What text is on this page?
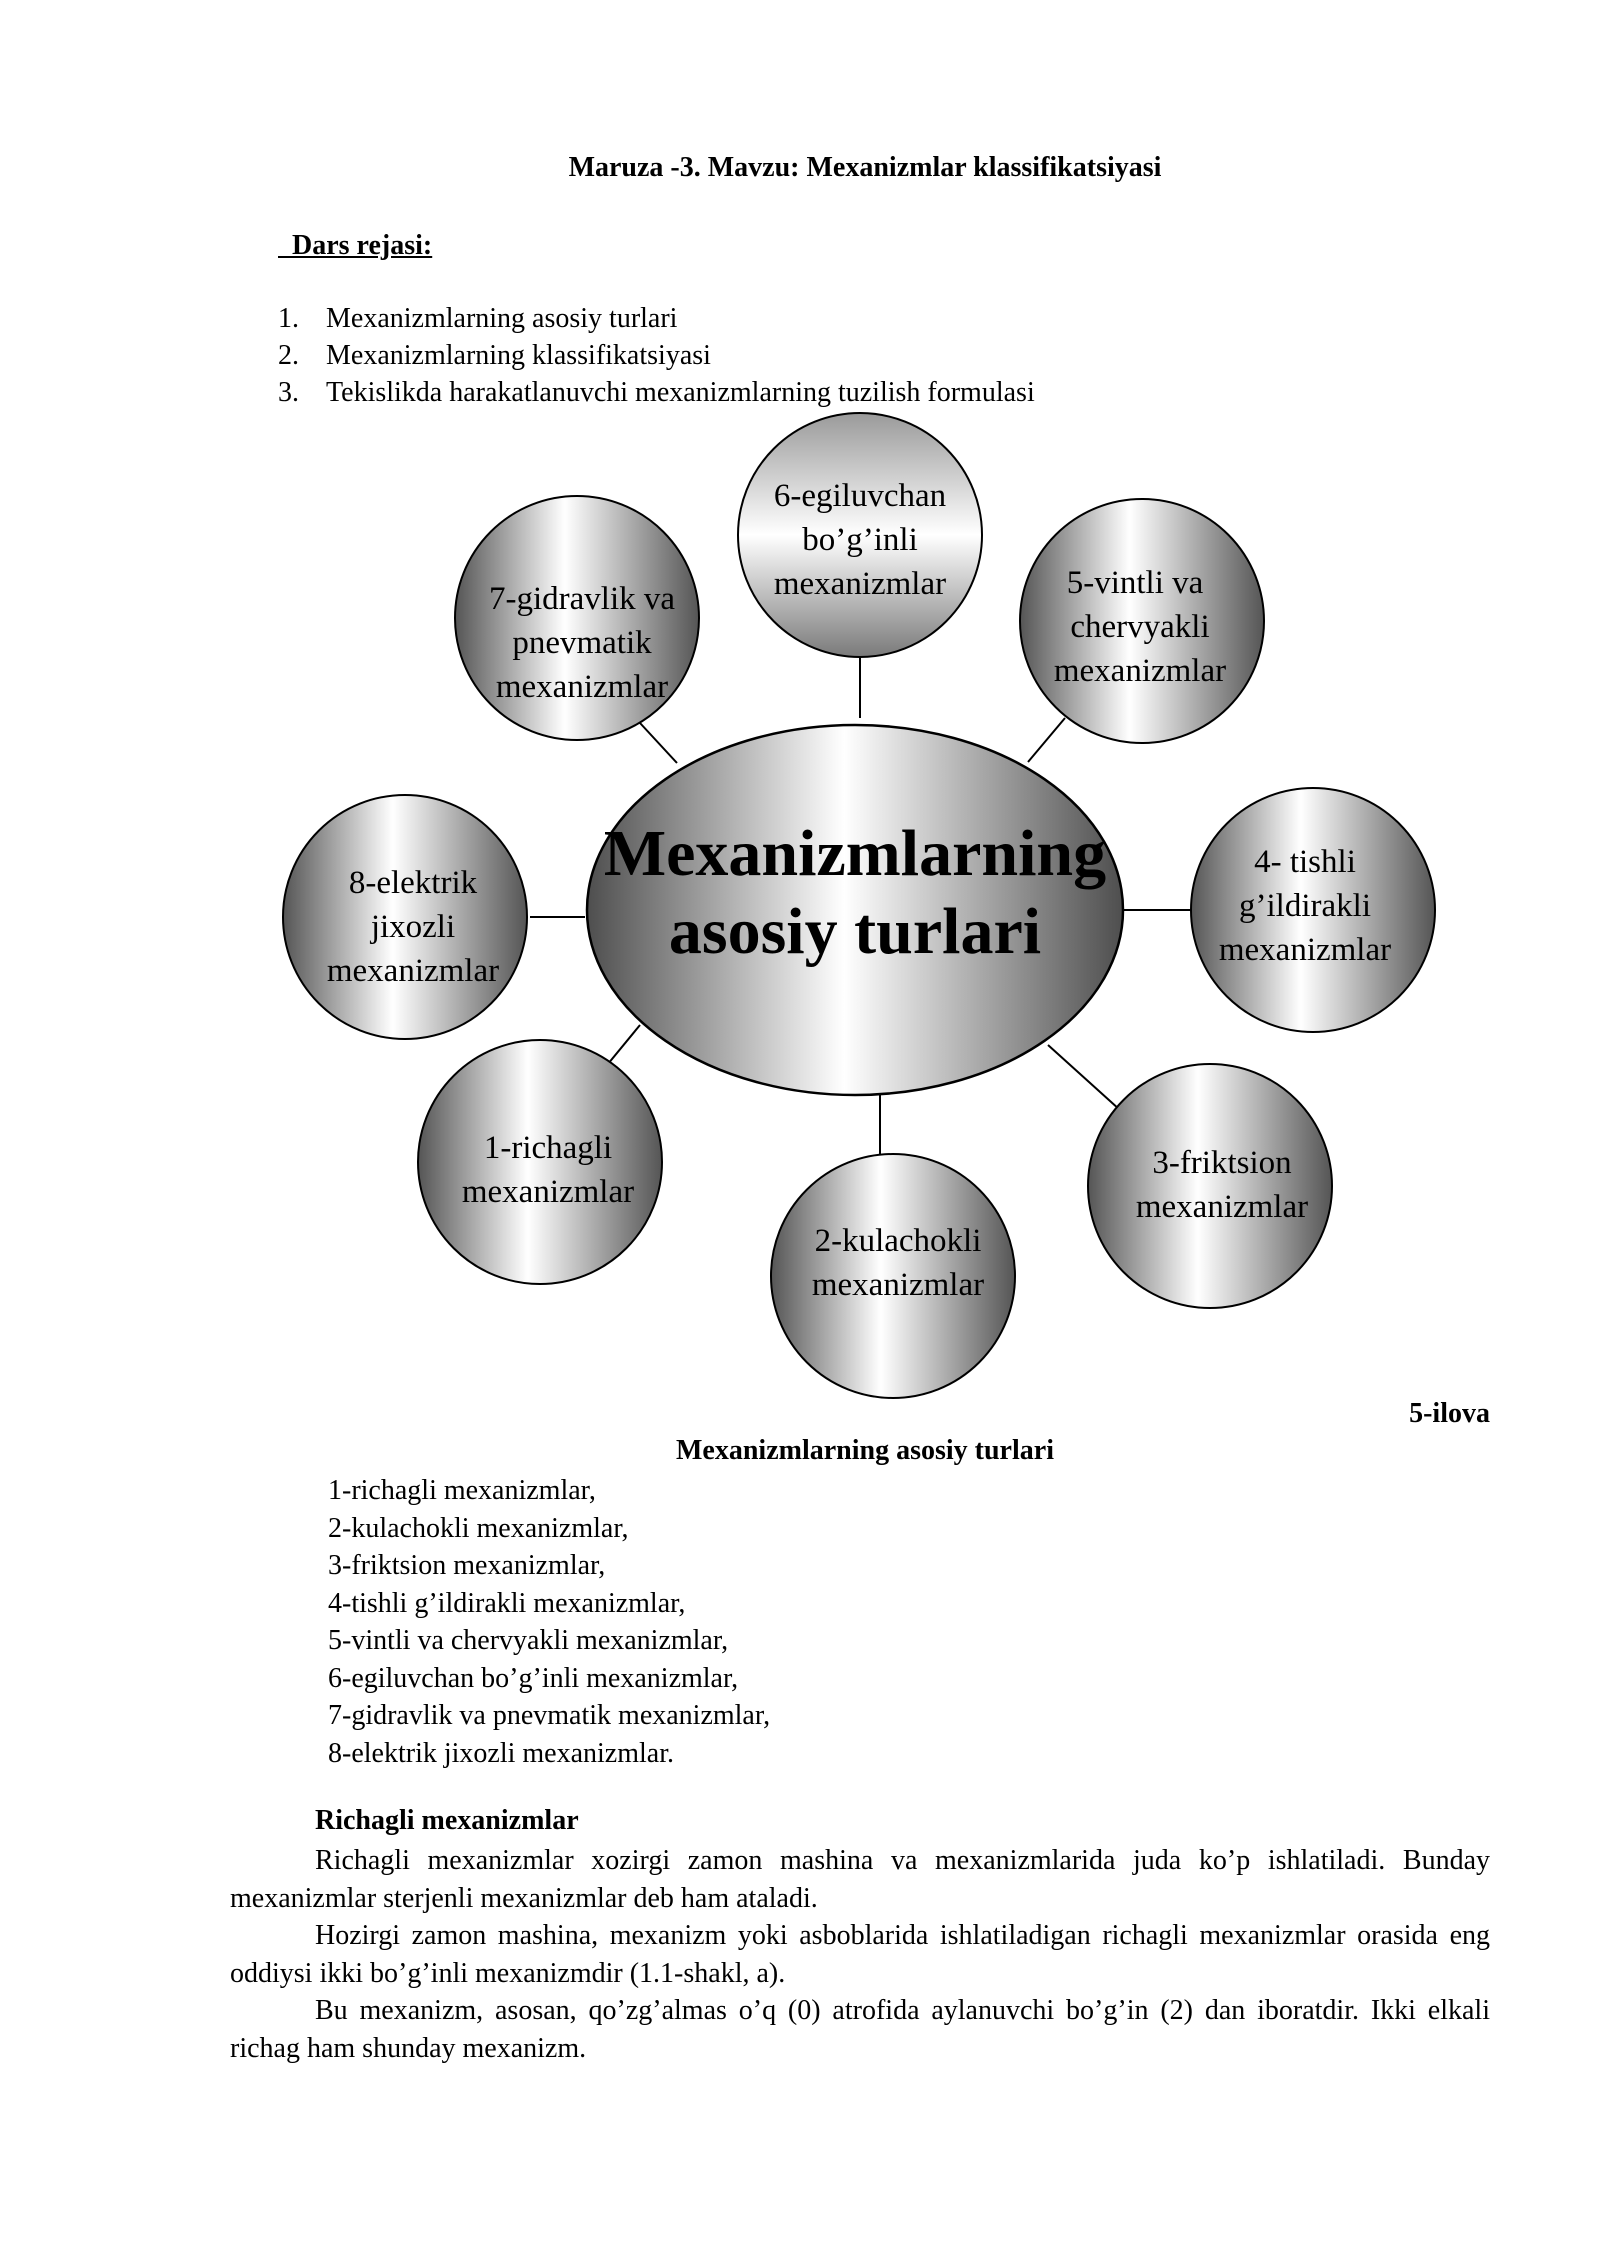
Maruza -3. Mavzu: Mexanizmlar klassifikatsiyasi
Dars rejasi:
1. Mexanizmlarning asosiy turlari
2. Mexanizmlarning klassifikatsiyasi
3. Tekislikda harakatlanuvchi mexanizmlarning tuzilish formulasi
Mexanizmlarning
asosiy turlari
6-egiluvchan
bo’g’inli
mexanizmlar	5-vintli va
chervyakli
mexanizmlar
4- tishli
g’ildirakli
mexanizmlar
3-friktsion
mexanizmlar
2-kulachokli
mexanizmlar
1-richagli
mexanizmlar
8-elektrik
jixozli
mexanizmlar
7-gidravlik va
pnevmatik
mexanizmlar
5-ilova
Mexanizmlarning asosiy turlari
1-richagli mexanizmlar,
2-kulachokli mexanizmlar,
3-friktsion mexanizmlar,
4-tishli g’ildirakli mexanizmlar,
5-vintli va chervyakli mexanizmlar,
6-egiluvchan bo’g’inli mexanizmlar,
7-gidravlik va pnevmatik mexanizmlar,
8-elektrik jixozli mexanizmlar.
Richagli mexanizmlar

Richagli mexanizmlar xozirgi zamon mashina va mexanizmlarida juda ko’p ishlatiladi. Bunday mexanizmlar sterjenli mexanizmlar deb ham ataladi.

Hozirgi zamon mashina, mexanizm yoki asboblarida ishlatiladigan richagli mexanizmlar orasida eng oddiysi ikki bo’g’inli mexanizmdir (1.1-shakl, a).

Bu mexanizm, asosan, qo’zg’almas o’q (0) atrofida aylanuvchi bo’g’in (2) dan iboratdir. Ikki elkali richag ham shunday mexanizm.
